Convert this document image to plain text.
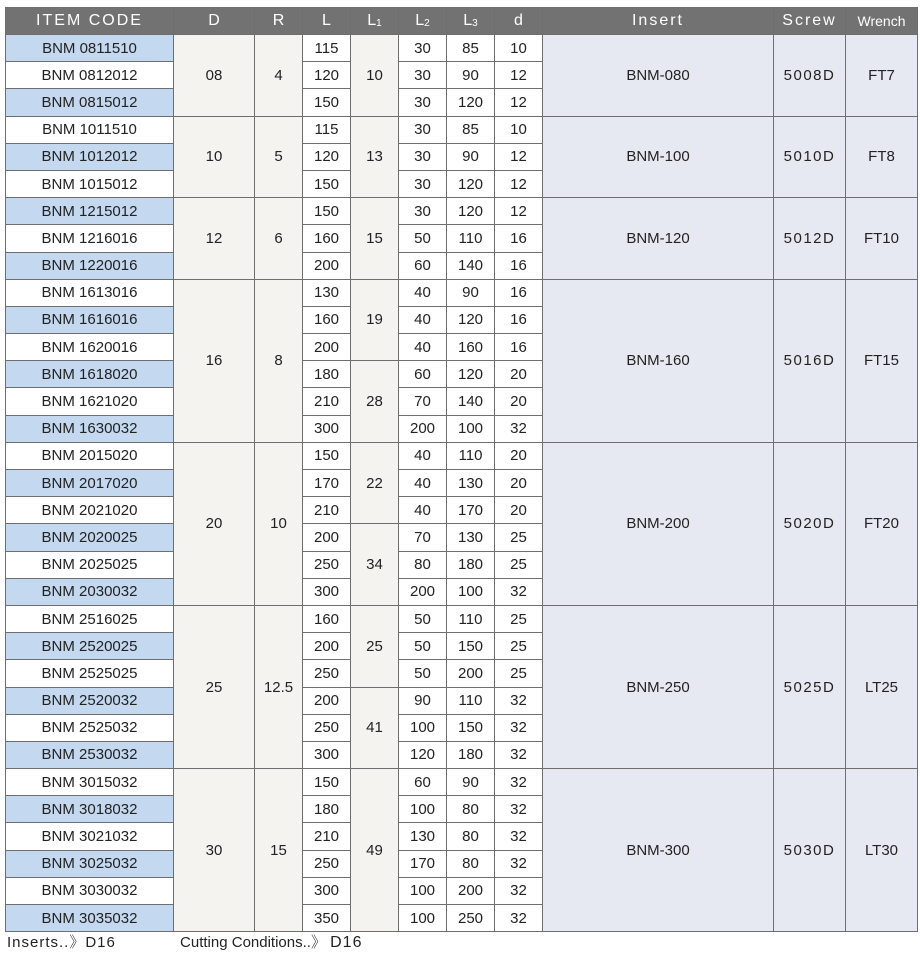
ITEM CODE	D	R	L	$L_1$	$L_2$	$L_3$	d	Insert	Screw	Wrench
BNM 0811510	08	4	115	10	30	85	10	BNM-080	5008D	FT7
BNM 0812012			120		30	90	12			
BNM 0815012			150		30	120	12			
BNM 1011510	10	5	115	13	30	85	10	BNM-100	5010D	FT8
BNM 1012012			120		30	90	12			
BNM 1015012			150		30	120	12			
BNM 1215012	12	6	150	15	30	120	12	BNM-120	5012D	FT10
BNM 1216016			160		50	110	16			
BNM 1220016			200		60	140	16			
BNM 1613016	16	8	130	19	40	90	16	BNM-160	5016D	FT15
BNM 1616016			160		40	120	16			
BNM 1620016			200		40	160	16			
BNM 1618020			180	28	60	120	20			
BNM 1621020			210		70	140	20			
BNM 1630032			300		200	100	32			
BNM 2015020	20	10	150	22	40	110	20	BNM-200	5020D	FT20
BNM 2017020			170		40	130	20			
BNM 2021020			210		40	170	20			
BNM 2020025			200	34	70	130	25			
BNM 2025025			250		80	180	25			
BNM 2030032			300		200	100	32			
BNM 2516025	25	12.5	160	25	50	110	25	BNM-250	5025D	LT25
BNM 2520025			200		50	150	25			
BNM 2525025			250		50	200	25			
BNM 2520032			200	41	90	110	32			
BNM 2525032			250		100	150	32			
BNM 2530032			300		120	180	32			
BNM 3015032	30	15	150	49	60	90	32	BNM-300	5030D	LT30
BNM 3018032			180		100	80	32			
BNM 3021032			210		130	80	32			
BNM 3025032			250		170	80	32			
BNM 3030032			300		100	200	32			
BNM 3035032			350		100	250	32			
Inserts..》D16	Cutting Conditions..》 D16
